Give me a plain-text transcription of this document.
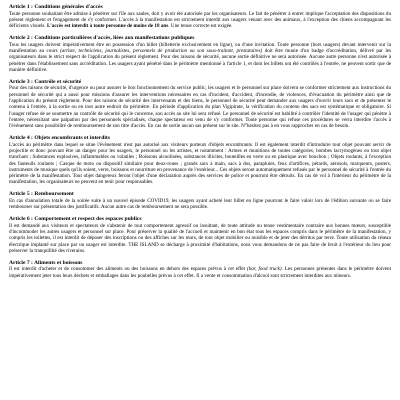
Article 1 : Conditions générales d'accès

Toute personne souhaitant être admise à pénétrer sur l'île aux saules, doit y avoir été autorisée par les organisateurs. Le fait de pénétrer à entrer implique l'acceptation des dispositions du présent règlement et l'engagement de s'y conformer. L'accès à la manifestation est strictement interdit aux usagers venant avec des animaux, à l'exception des chiens accompagnant les déficients visuels. L'accès est interdit à toute personne de moins de 18 ans. Une tenue correcte est exigée.

Article 2 : Conditions particulières d'accès, liées aux manifestations publiques

Tous les usagers doivent impérativement être en possession d'un billet (billetterie exclusivement en ligne), ou d'une invitation. Toute personne (hors usagers) devant intervenir sur la manifestation au cours (artiste, techniciens, journalistes, personnels de production ou son sous-traitant, prestataires) doit être munie d'un badge d'accréditation, délivré par les organisateurs dans le strict respect de l'application du présent règlement. Pour des raisons de sécurité, aucune sortie définitive ne sera autorisée. Aucune autre personne n'est autorisée à pénétrer dans l'établissement sans accréditation. Les usagers ayant pénétré dans le périmètre mentionné à l'article 1, et dont les billets ont été contrôlés à l'entrée, ne peuvent sortir que de manière définitive.

Article 3 : Contrôle et sécurité

Pour des raisons de sécurité, d'urgence ou pour assurer le bon fonctionnement du service public, les usagers et le personnel sur place doivent se conformer strictement aux instructions du personnel de sécurité qui a aussi pour missions d'assurer les interventions nécessaires en cas d'incident, d'accident, d'incendie, de violences, d'évacuation du périmètre ainsi que de l'application du présent règlement. Pour des raisons de sécurité des intervenants et des biens, le personnel de sécurité peut demander aux usagers d'ouvrir leurs sacs et de présenter le contenu à l'entrée, à la sortie ou en tout autre endroit du périmètre. En période d'application du plan Vigipirate, la vérification du contenu des sacs est systématique et obligatoire. Si l'usager refuse de se soumettre au contrôle de sécurité qui le concerne, son accès au site lui sera refusé. Le personnel de sécurité est habilité à contrôler l'identité de l'usager qui pénètre à l'entrée, nécessitant une palpation par des personnels spécialisés, chaque spectateur est venu de s'y conformer. Toute personne qui refuse ces procédures se verra interdire l'accès à l'évènement sans possibilité de remboursement de son titre d'accès. En cas de sortie aucun sas présent sur le site. N°hésitez pas à en vous rapprocher en cas de besoin.

Article 4 : Objets encombrants et interdits

L'accès au périmètre dans lequel se situe l'évènement n'est pas autorisé aux visiteurs porteurs d'objets encombrants. Il est également interdit d'introduire tout objet pouvant servir de projectile et donc pouvant être un danger pour les usagers, le personnel ou les artistes, et notamment : Armes et munitions de toutes catégories, bombes lacrymogènes ou tout objet tranchant ; Substances explosives, inflammables ou volatiles ; Boissons alcoolisées, substances illicites, bouteilles en verre ou en plastique avec bouchon ; Objets roulants, à l'exception des fauteuils roulants ; Casque de moto ou dispositif similaire pour deux-roues ; grands sacs à main, sacs à dos, parapluies, feux d'artifices, pétards, aérosols, marqueurs, posters, instruments de musique quels qu'ils soient, verre, boissons et nourriture en provenance de l'extérieur... Ces objets seront automatiquement refusés par le personnel de sécurité à l'entrée du périmètre de la manifestation. Tout objet dangereux feront l'objet d'une déclaration auprès des services de police et pourront être détruits. En cas de vol à l'intérieur du périmètre de la manifestation, les organisateurs ne peuvent en tenir pour responsables.

Article 5 : Remboursement

En cas d'annulation totale de la soirée suite à un nouvel épisode COVID19, les usagers ayant acheté leur billet en ligne pourront le faire valoir lors de l'édition suivante ou se faire rembourser sur présentation des justificatifs. Aucun autre cas de remboursement ne sera possible.

Article 6 : Comportement et respect des espaces publics

Il est demandé aux visiteurs et spectateurs de s'abstenir de tout comportement agressif ou insultant, de toute attitude ou tenue vestimentaire contraire aux bonnes mœurs, susceptible d'incommoder les autres usagers et personnel sur place. Pour préserver la qualité de l'accueil et maintenir en bon état tous les espaces compris dans le périmètre de la manifestation, y compris les toilettes, il est interdit de déposer des inscriptions ou des affiches sur les murs, de tout objet mobilier ou nuisible et de jeter des détritus par terre. Toute utilisation du réseau électrique implanté sur place par un usager est interdite. THE ISLAND se décharge à proximité d'habitations, nous vous demandons de ne pas faire de bruit à l'extérieur du lieu pour préserver la tranquillité des riverains.

Article 7 : Aliments et boissons

Il est interdit d'acheter et de consommer des aliments ou des boissons en dehors des espaces prévus à cet effet (bar, food truck). Les personnes présentes dans le périmètre doivent impérativement jeter tous leurs déchets et emballages dans les poubelles prévus à cet effet. Il a vente et consommation d'alcool sont strictement interdites aux mineurs.
